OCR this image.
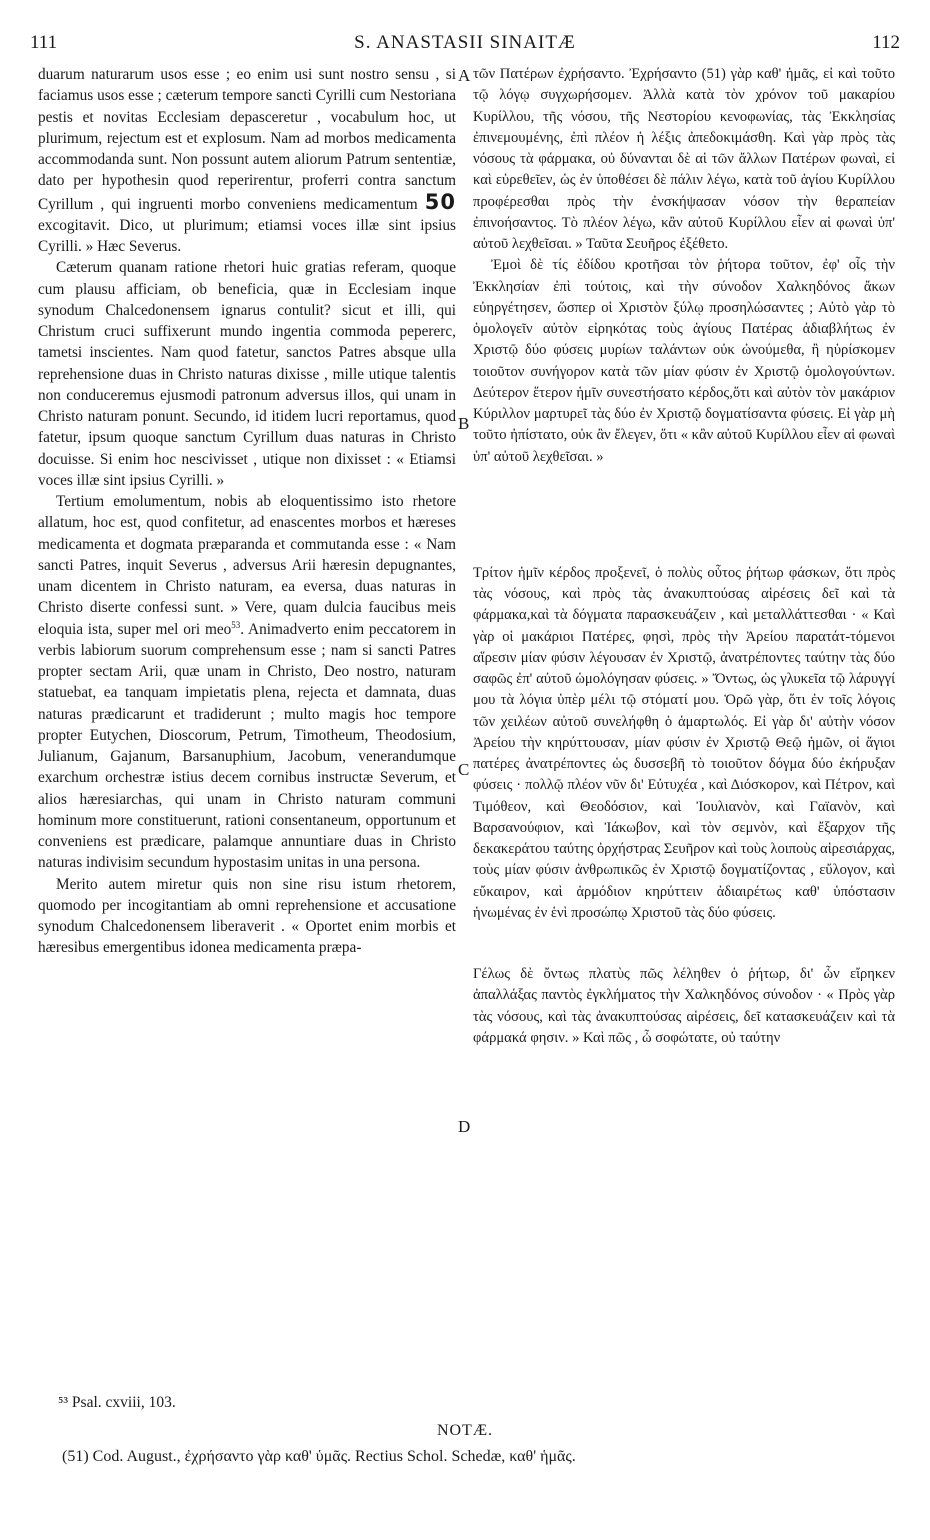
111	S. ANASTASII SINAITÆ	112

duarum naturarum usos esse ; eo enim usi sunt nostro sensu , si faciamus usos esse ; cæterum tempore sancti Cyrilli cum Nestoriana pestis et novitas Ecclesiam depasceretur , vocabulum hoc, ut plurimum, rejectum est et explosum. Nam ad morbos medicamenta accommodanda sunt. Non possunt autem aliorum Patrum sententiæ, dato per hypothesin quod reperirentur, proferri contra sanctum Cyrillum , qui ingruenti morbo conveniens medicamentum 50 excogitavit. Dico, ut plurimum; etiamsi voces illæ sint ipsius Cyrilli. » Hæc Severus.

Cæterum quanam ratione rhetori huic gratias referam, quoque cum plausu afficiam, ob beneficia, quæ in Ecclesiam inque synodum Chalcedonensem ignarus contulit? sicut et illi, qui Christum cruci suffixerunt mundo ingentia commoda pepererc, tametsi inscientes. Nam quod fatetur, sanctos Patres absque ulla reprehensione duas in Christo naturas dixisse , mille utique talentis non conduceremus ejusmodi patronum adversus illos, qui unam in Christo naturam ponunt. Secundo, id itidem lucri reportamus, quod fatetur, ipsum quoque sanctum Cyrillum duas naturas in Christo docuisse. Si enim hoc nescivisset , utique non dixisset : « Etiamsi voces illæ sint ipsius Cyrilli. »

Tertium emolumentum, nobis ab eloquentissimo isto rhetore allatum, hoc est, quod confitetur, ad enascentes morbos et hæreses medicamenta et dogmata præparanda et commutanda esse : « Nam sancti Patres, inquit Severus , adversus Arii hæresin depugnantes, unam dicentem in Christo naturam, ea eversa, duas naturas in Christo diserte confessi sunt. » Vere, quam dulcia faucibus meis eloquia ista, super mel ori meo$^{53}$. Animadverto enim peccatorem in verbis labiorum suorum comprehensum esse ; nam si sancti Patres propter sectam Arii, quæ unam in Christo, Deo nostro, naturam statuebat, ea tanquam impietatis plena, rejecta et damnata, duas naturas prædicarunt et tradiderunt ; multo magis hoc tempore propter Eutychen, Dioscorum, Petrum, Timotheum, Theodosium, Julianum, Gajanum, Barsanuphium, Jacobum, venerandumque exarchum orchestræ istius decem cornibus instructæ Severum, et alios hæresiarchas, qui unam in Christo naturam communi hominum more constituerunt, rationi consentaneum, opportunum et conveniens est prædicare, palamque annuntiare duas in Christo naturas indivisim secundum hypostasim unitas in una persona.

Merito autem miretur quis non sine risu istum rhetorem, quomodo per incogitantiam ab omni reprehensione et accusatione synodum Chalcedonensem liberaverit . « Oportet enim morbis et hæresibus emergentibus idonea medicamenta præpa-

τῶν Πατέρων ἐχρήσαντο. Ἐχρήσαντο (51) γὰρ καθ' ἡμᾶς, εἰ καὶ τοῦτο τῷ λόγῳ συγχωρήσομεν. Ἀλλὰ κατὰ τὸν χρόνον τοῦ μακαρίου Κυρίλλου, τῆς νόσου, τῆς Νεστορίου κενοφωνίας, τὰς Ἐκκλησίας ἐπινεμουμένης, ἐπὶ πλέον ἡ λέξις ἀπεδοκιμάσθη. Καὶ γὰρ πρὸς τὰς νόσους τὰ φάρμακα, οὐ δύνανται δὲ αἱ τῶν ἄλλων Πατέρων φωναὶ, εἰ καὶ εὑρεθεῖεν, ὡς ἐν ὑποθέσει δὲ πάλιν λέγω, κατὰ τοῦ ἁγίου Κυρίλλου προφέρεσθαι πρὸς τὴν ἐνσκήψασαν νόσον τὴν θεραπείαν ἐπινοήσαντος. Τὸ πλέον λέγω, κἂν αὐτοῦ Κυρίλλου εἶεν αἱ φωναὶ ὑπ' αὐτοῦ λεχθεῖσαι. » Ταῦτα Σευῆρος ἐξέθετο.

Ἐμοὶ δὲ τίς ἐδίδου κροτῆσαι τὸν ῥήτορα τοῦτον, ἐφ' οἷς τὴν Ἐκκλησίαν ἐπὶ τούτοις, καὶ τὴν σύνοδον Χαλκηδόνος ἄκων εὐηργέτησεν, ὥσπερ οἱ Χριστὸν ξύλῳ προσηλώσαντες ; Αὐτὸ γὰρ τὸ ὁμολογεῖν αὐτὸν εἰρηκότας τοὺς ἁγίους Πατέρας ἀδιαβλήτως ἐν Χριστῷ δύο φύσεις μυρίων ταλάντων οὐκ ὠνούμεθα, ἢ ηὑρίσκομεν τοιοῦτον συνήγορον κατὰ τῶν μίαν φύσιν ἐν Χριστῷ ὁμολογούντων. Δεύτερον ἕτερον ἡμῖν συνεστήσατο κέρδος,ὅτι καὶ αὐτὸν τὸν μακάριον Κύριλλον μαρτυρεῖ τὰς δύο ἐν Χριστῷ δογματίσαντα φύσεις. Εἰ γὰρ μὴ τοῦτο ἠπίστατο, οὐκ ἂν ἔλεγεν, ὅτι « κἂν αὐτοῦ Κυρίλλου εἶεν αἱ φωναὶ ὑπ' αὐτοῦ λεχθεῖσαι. »

Τρίτον ἡμῖν κέρδος προξενεῖ, ὁ πολὺς οὗτος ῥήτωρ φάσκων, ὅτι πρὸς τὰς νόσους, καὶ πρὸς τὰς ἀνακυπτούσας αἱρέσεις δεῖ καὶ τὰ φάρμακα,καὶ τὰ δόγματα παρασκευάζειν , καὶ μεταλλάττεσθαι · « Καὶ γὰρ οἱ μακάριοι Πατέρες, φησὶ, πρὸς τὴν Ἀρείου παρατάτ-τόμενοι αἵρεσιν μίαν φύσιν λέγουσαν ἐν Χριστῷ, ἀνατρέποντες ταύτην τὰς δύο σαφῶς ἐπ' αὐτοῦ ὡμολόγησαν φύσεις. » Ὄντως, ὡς γλυκεῖα τῷ λάρυγγί μου τὰ λόγια ὑπὲρ μέλι τῷ στόματί μου. Ὁρῶ γὰρ, ὅτι ἐν τοῖς λόγοις τῶν χειλέων αὐτοῦ συνελήφθη ὁ ἁμαρτωλός. Εἰ γὰρ δι' αὐτὴν νόσον Ἀρείου τὴν κηρύττουσαν, μίαν φύσιν ἐν Χριστῷ Θεῷ ἡμῶν, οἱ ἅγιοι πατέρες ἀνατρέποντες ὡς δυσσεβῆ τὸ τοιοῦτον δόγμα δύο ἐκήρυξαν φύσεις · πολλῷ πλέον νῦν δι' Εὐτυχέα , καὶ Διόσκορον, καὶ Πέτρον, καὶ Τιμόθεον, καὶ Θεοδόσιον, καὶ Ἰουλιανὸν, καὶ Γαϊανὸν, καὶ Βαρσανούφιον, καὶ Ἰάκωβον, καὶ τὸν σεμνὸν, καὶ ἔξαρχον τῆς δεκακεράτου ταύτης ὀρχήστρας Σευῆρον καὶ τοὺς λοιποὺς αἱρεσιάρχας, τοὺς μίαν φύσιν ἀνθρωπικῶς ἐν Χριστῷ δογματίζοντας , εὔλογον, καὶ εὔκαιρον, καὶ ἁρμόδιον κηρύττειν ἀδιαιρέτως καθ' ὑπόστασιν ἡνωμένας ἐν ἑνὶ προσώπῳ Χριστοῦ τὰς δύο φύσεις.

Γέλως δὲ ὄντως πλατὺς πῶς λέληθεν ὁ ῥήτωρ, δι' ὧν εἴρηκεν ἀπαλλάξας παντὸς ἐγκλήματος τὴν Χαλκηδόνος σύνοδον · « Πρὸς γὰρ τὰς νόσους, καὶ τὰς ἀνακυπτούσας αἱρέσεις, δεῖ κατασκευάζειν καὶ τὰ φάρμακά φησιν. » Καὶ πῶς , ὦ σοφώτατε, οὐ ταύτην

A
B
C
D
⁵³ Psal. cxviii, 103.
NOTÆ.
(51) Cod. August., ἐχρήσαντο γὰρ καθ' ὑμᾶς. Rectius Schol. Schedæ, καθ' ἡμᾶς.
